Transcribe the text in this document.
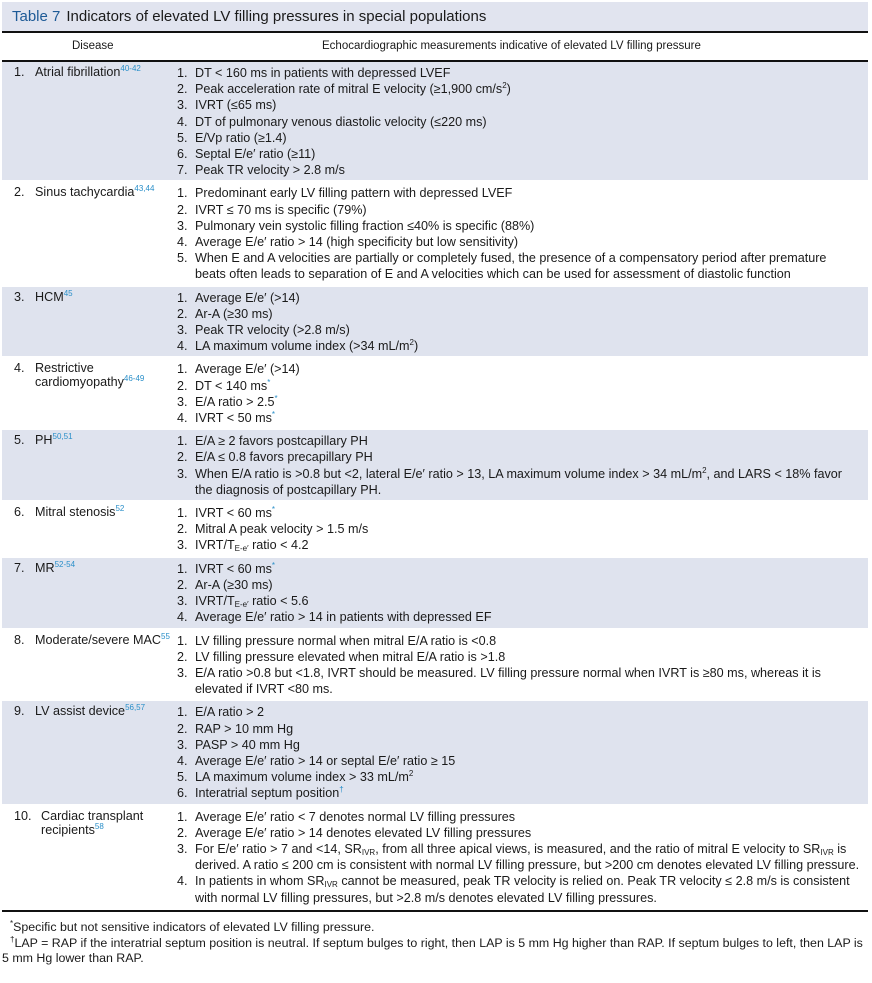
Table 7 Indicators of elevated LV filling pressures in special populations
Disease	Echocardiographic measurements indicative of elevated LV filling pressure
1. Atrial fibrillation$^{40-42}$	1. DT < 160 ms in patients with depressed LVEF
2. Peak acceleration rate of mitral E velocity (≥1,900 $cm/s^2$)
3. IVRT (≤65 ms)
4. DT of pulmonary venous diastolic velocity (≤220 ms)
5. E/Vp ratio (≥1.4)
6. Septal E/e′ ratio (≥11)
7. Peak TR velocity > 2.8 m/s
2. Sinus tachycardia$^{43,44}$ 1. Predominant early LV filling pattern with depressed LVEF
2. IVRT ≤ 70 ms is specific (79%)
3. Pulmonary vein systolic filling fraction ≤40% is specific (88%)
4. Average E/e′ ratio > 14 (high specificity but low sensitivity)
5. When E and A velocities are partially or completely fused, the presence of a compensatory period after premature beats often leads to separation of E and A velocities which can be used for assessment of diastolic function
3. HCM$^{45}$	1. Average E/e′ (>14)
2. Ar-A (≥30 ms)
3. Peak TR velocity (>2.8 m/s)
4. LA maximum volume index (>34 $mL/m^2$)
4. Restrictive cardiomyopathy$^{46-49}$
1. Average E/e′ (>14)
2. DT < 140 ms*
3. E/A ratio > 2.5*
4. IVRT < 50 ms*
5. PH$^{50,51}$	1. E/A ≥ 2 favors postcapillary PH
2. E/A ≤ 0.8 favors precapillary PH
3. When E/A ratio is >0.8 but <2, lateral E/e′ ratio > 13, LA maximum volume index > 34 $mL/m^2$, and LARS < 18% favor the diagnosis of postcapillary PH.
6. Mitral stenosis$^{52}$	1. IVRT < 60 ms*
2. Mitral A peak velocity > 1.5 m/s
3. IVRT/$T_{E-e'}$ ratio < 4.2
7. MR$^{52-54}$	1. IVRT < 60 ms*
2. Ar-A (≥30 ms)
3. IVRT/$T_{E-e'}$ ratio < 5.6
4. Average E/e′ ratio > 14 in patients with depressed EF
8. Moderate/severe MAC$^{55}$ 1. LV filling pressure normal when mitral E/A ratio is <0.8
2. LV filling pressure elevated when mitral E/A ratio is >1.8
3. E/A ratio >0.8 but <1.8, IVRT should be measured. LV filling pressure normal when IVRT is ≥80 ms, whereas it is elevated if IVRT <80 ms.
9. LV assist device$^{56,57}$	1. E/A ratio > 2
2. RAP > 10 mm Hg
3. PASP > 40 mm Hg
4. Average E/e′ ratio > 14 or septal E/e′ ratio ≥ 15
5. LA maximum volume index > 33 $mL/m^2$
6. Interatrial septum position†
10. Cardiac transplant recipients$^{58}$
1. Average E/e′ ratio < 7 denotes normal LV filling pressures
2. Average E/e′ ratio > 14 denotes elevated LV filling pressures
3. For E/e′ ratio > 7 and <14, $SR_{IVR}$, from all three apical views, is measured, and the ratio of mitral E velocity to $SR_{IVR}$ is derived. A ratio ≤ 200 cm is consistent with normal LV filling pressure, but >200 cm denotes elevated LV filling pressure.
4. In patients in whom $SR_{IVR}$ cannot be measured, peak TR velocity is relied on. Peak TR velocity ≤ 2.8 m/s is consistent with normal LV filling pressures, but >2.8 m/s denotes elevated LV filling pressures.

*Specific but not sensitive indicators of elevated LV filling pressure.

†LAP = RAP if the interatrial septum position is neutral. If septum bulges to right, then LAP is 5 mm Hg higher than RAP. If septum bulges to left, then LAP is 5 mm Hg lower than RAP.
